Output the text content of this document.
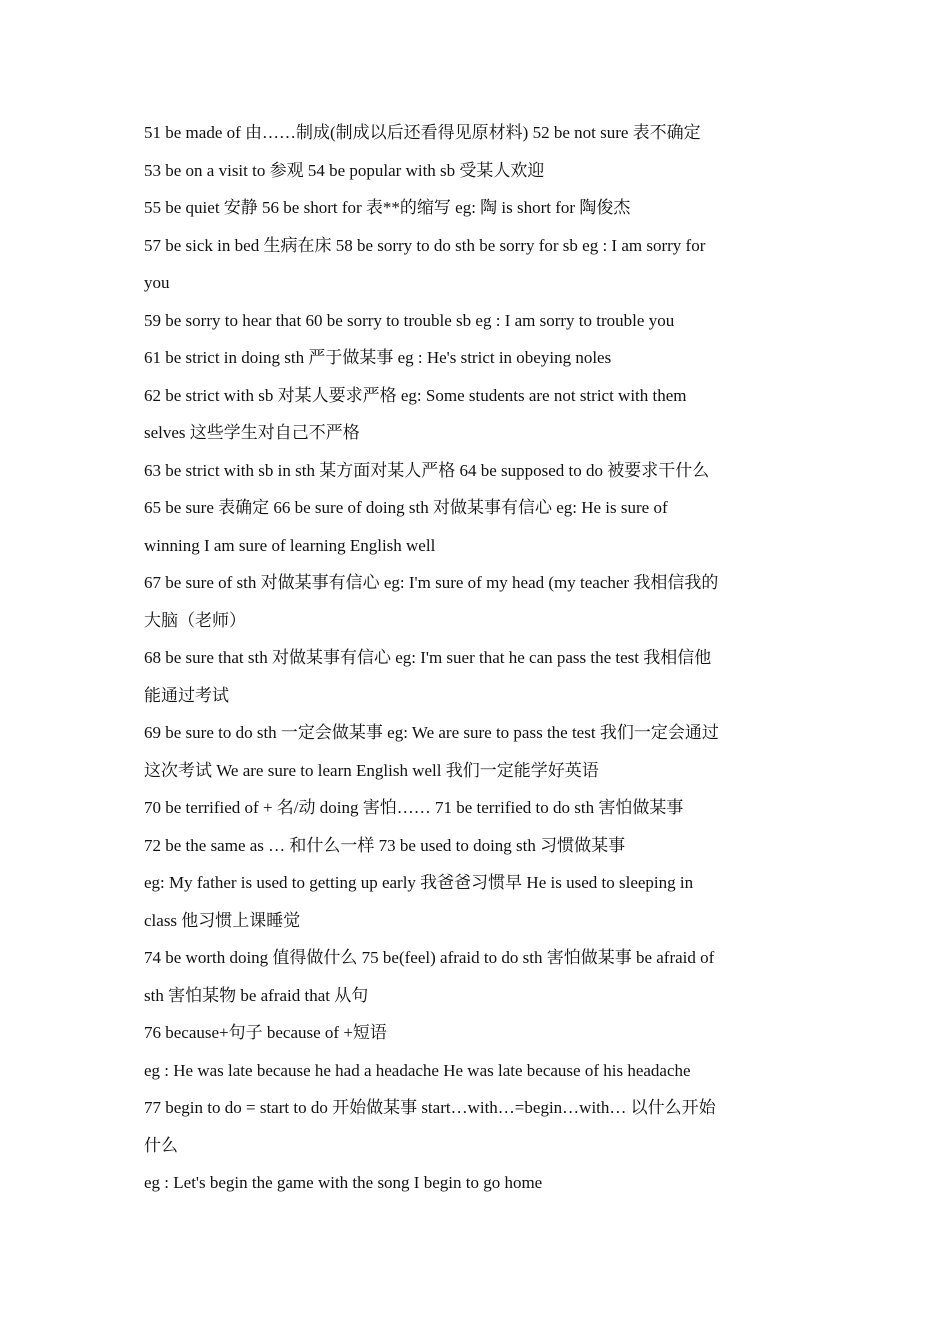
51 be made of 由……制成(制成以后还看得见原材料) 52 be not sure 表不确定
53 be on a visit to 参观 54 be popular with sb 受某人欢迎
55 be quiet 安静 56 be short for 表**的缩写 eg: 陶 is short for 陶俊杰
57 be sick in bed 生病在床 58 be sorry to do sth be sorry for sb eg : I am sorry for
you
59 be sorry to hear that 60 be sorry to trouble sb eg : I am sorry to trouble you
61 be strict in doing sth 严于做某事 eg : He's strict in obeying noles
62 be strict with sb 对某人要求严格 eg: Some students are not strict with them
selves 这些学生对自己不严格
63 be strict with sb in sth 某方面对某人严格 64 be supposed to do 被要求干什么
65 be sure 表确定 66 be sure of doing sth 对做某事有信心 eg: He is sure of
winning I am sure of learning English well
67 be sure of sth 对做某事有信心 eg: I'm sure of my head (my teacher 我相信我的
大脑（老师）
68 be sure that sth 对做某事有信心 eg: I'm suer that he can pass the test 我相信他
能通过考试
69 be sure to do sth 一定会做某事 eg: We are sure to pass the test 我们一定会通过
这次考试 We are sure to learn English well 我们一定能学好英语
70 be terrified of + 名/动 doing 害怕…… 71 be terrified to do sth 害怕做某事
72 be the same as … 和什么一样 73 be used to doing sth 习惯做某事
eg: My father is used to getting up early 我爸爸习惯早 He is used to sleeping in
class 他习惯上课睡觉
74 be worth doing 值得做什么 75 be(feel) afraid to do sth 害怕做某事 be afraid of
sth 害怕某物 be afraid that 从句
76 because+句子 because of +短语
eg : He was late because he had a headache He was late because of his headache
77 begin to do = start to do 开始做某事 start…with…=begin…with… 以什么开始
什么
eg : Let's begin the game with the song I begin to go home
